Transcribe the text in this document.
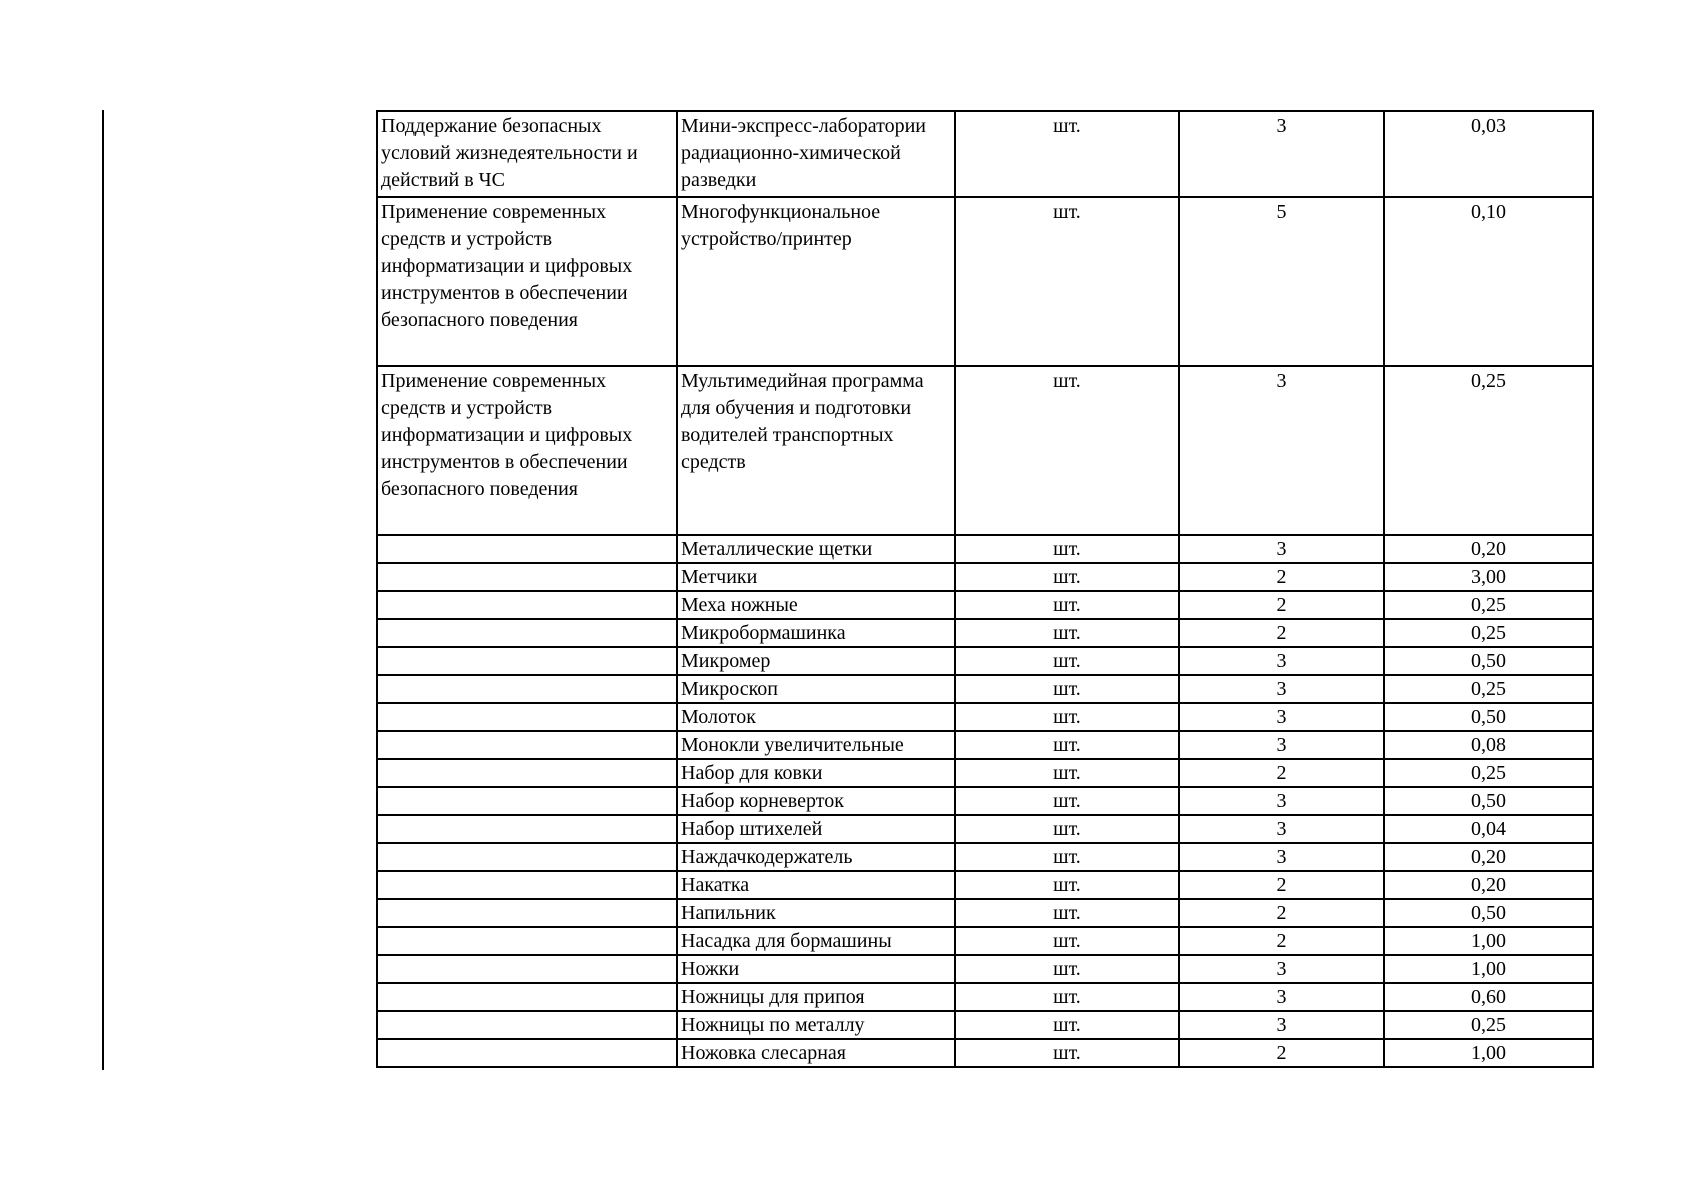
Поддержание безопасных условий жизнедеятельности и действий в ЧС	Мини-экспресс-лаборатории радиационно-химической разведки	шт.	3	0,03
Применение современных средств и устройств информатизации и цифровых инструментов в обеспечении безопасного поведения	Многофункциональное устройство/принтер	шт.	5	0,10
Применение современных средств и устройств информатизации и цифровых инструментов в обеспечении безопасного поведения	Мультимедийная программа для обучения и подготовки водителей транспортных средств	шт.	3	0,25
	Металлические щетки	шт.	3	0,20
	Метчики	шт.	2	3,00
	Меха ножные	шт.	2	0,25
	Микробормашинка	шт.	2	0,25
	Микромер	шт.	3	0,50
	Микроскоп	шт.	3	0,25
	Молоток	шт.	3	0,50
	Монокли увеличительные	шт.	3	0,08
	Набор для ковки	шт.	2	0,25
	Набор корневерток	шт.	3	0,50
	Набор штихелей	шт.	3	0,04
	Наждачкодержатель	шт.	3	0,20
	Накатка	шт.	2	0,20
	Напильник	шт.	2	0,50
	Насадка для бормашины	шт.	2	1,00
	Ножки	шт.	3	1,00
	Ножницы для припоя	шт.	3	0,60
	Ножницы по металлу	шт.	3	0,25
	Ножовка слесарная	шт.	2	1,00
